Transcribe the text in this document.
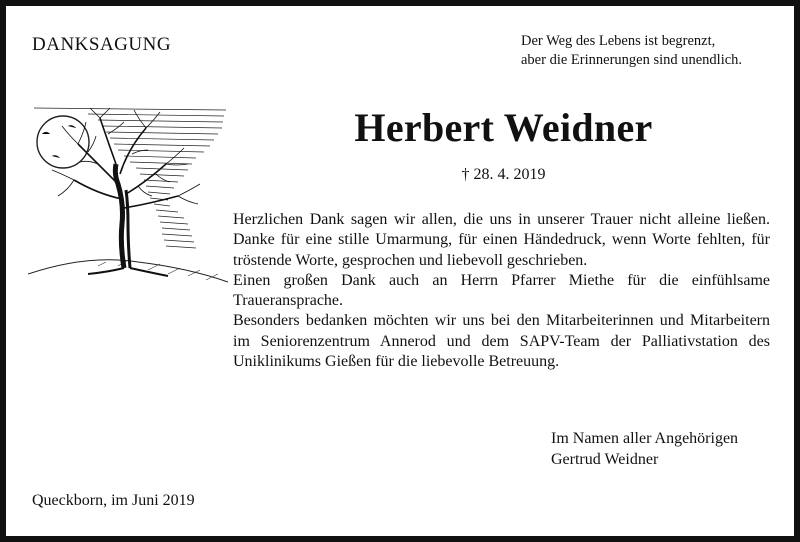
DANKSAGUNG	Der Weg des Lebens ist begrenzt,
aber die Erinnerungen sind unendlich.
Herbert Weidner
† 28. 4. 2019

Herzlichen Dank sagen wir allen, die uns in unserer Trauer nicht alleine ließen. Danke für eine stille Umarmung, für einen Händedruck, wenn Worte fehlten, für tröstende Worte, gesprochen und liebevoll geschrieben.

Einen großen Dank auch an Herrn Pfarrer Miethe für die einfühlsame Traueransprache.

Besonders bedanken möchten wir uns bei den Mitarbeiterinnen und Mitarbeitern im Seniorenzentrum Annerod und dem SAPV-Team der Palliativstation des Uniklinikums Gießen für die liebevolle Betreuung.

Im Namen aller Angehörigen
Gertrud Weidner
Queckborn, im Juni 2019
